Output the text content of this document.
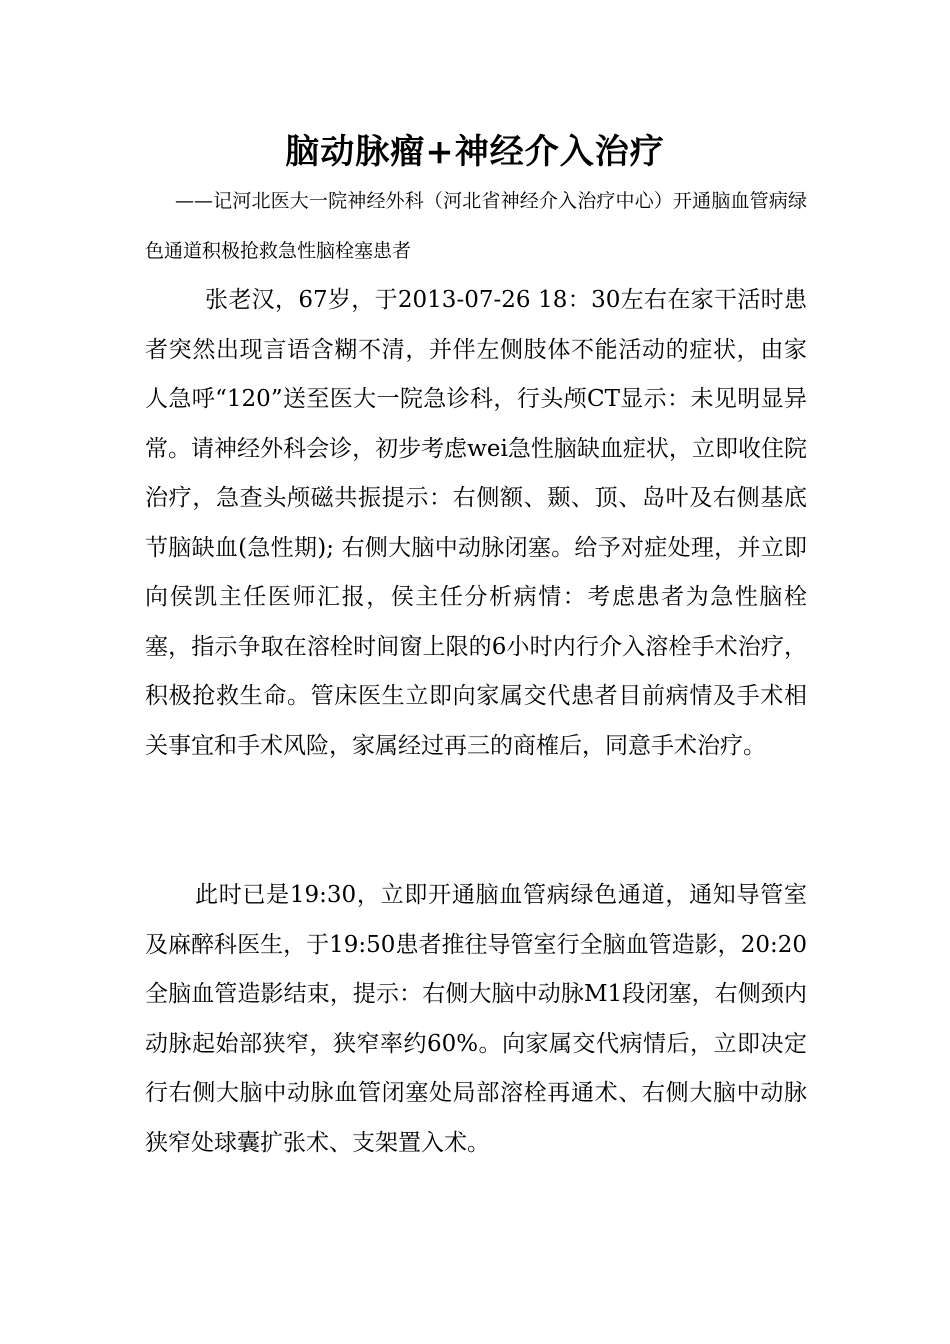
脑动脉瘤+神经介入治疗
——记河北医大一院神经外科（河北省神经介入治疗中心）开通脑血管病绿色通道积极抢救急性脑栓塞患者

张老汉，67岁，于2013-07-26 18：30左右在家干活时患者突然出现言语含糊不清，并伴左侧肢体不能活动的症状，由家人急呼“120”送至医大一院急诊科，行头颅CT显示：未见明显异常。请神经外科会诊，初步考虑wei急性脑缺血症状，立即收住院治疗，急查头颅磁共振提示：右侧额、颞、顶、岛叶及右侧基底节脑缺血(急性期); 右侧大脑中动脉闭塞。给予对症处理，并立即向侯凯主任医师汇报，侯主任分析病情：考虑患者为急性脑栓塞，指示争取在溶栓时间窗上限的6小时内行介入溶栓手术治疗，积极抢救生命。管床医生立即向家属交代患者目前病情及手术相关事宜和手术风险，家属经过再三的商榷后，同意手术治疗。

此时已是19:30，立即开通脑血管病绿色通道，通知导管室及麻醉科医生，于19:50患者推往导管室行全脑血管造影，20:20全脑血管造影结束，提示：右侧大脑中动脉M1段闭塞，右侧颈内动脉起始部狭窄，狭窄率约60%。向家属交代病情后，立即决定行右侧大脑中动脉血管闭塞处局部溶栓再通术、右侧大脑中动脉狭窄处球囊扩张术、支架置入术。
